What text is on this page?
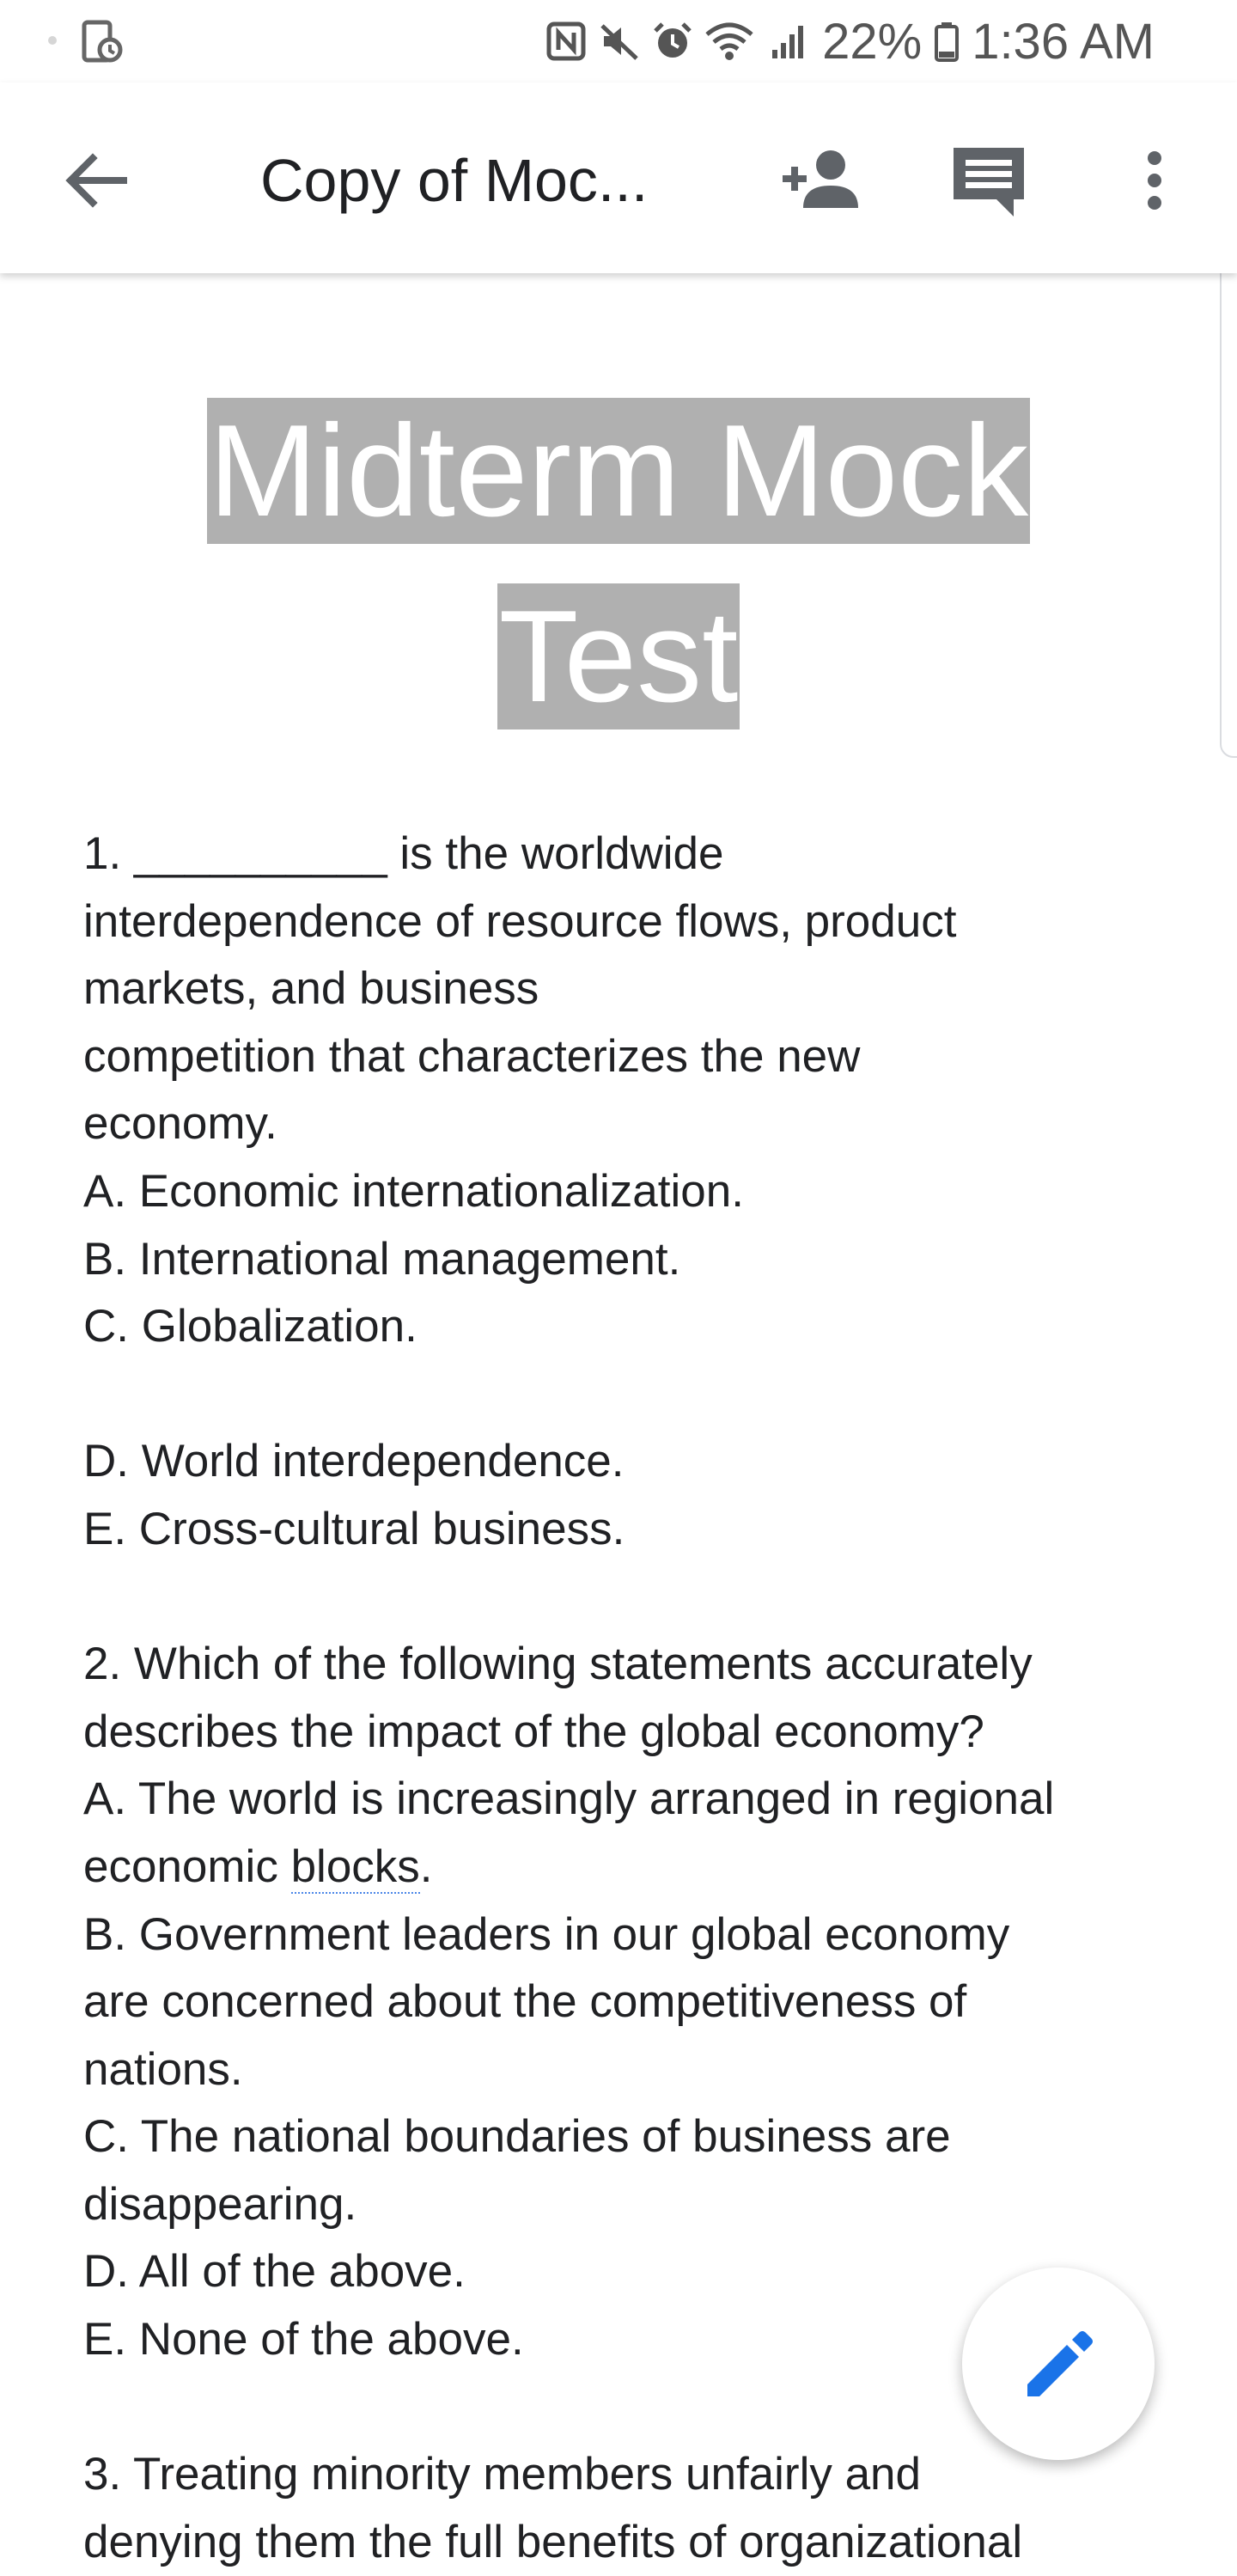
22% 1:36 AM
Copy of Moc...
Midterm Mock
Test

1. __________ is the worldwide

interdependence of resource flows, product

markets, and business

competition that characterizes the new

economy.

A. Economic internationalization.

B. International management.

C. Globalization.

D. World interdependence.

E. Cross-cultural business.

2. Which of the following statements accurately

describes the impact of the global economy?

A. The world is increasingly arranged in regional

economic blocks.

B. Government leaders in our global economy

are concerned about the competitiveness of

nations.

C. The national boundaries of business are

disappearing.

D. All of the above.

E. None of the above.

3. Treating minority members unfairly and

denying them the full benefits of organizational
